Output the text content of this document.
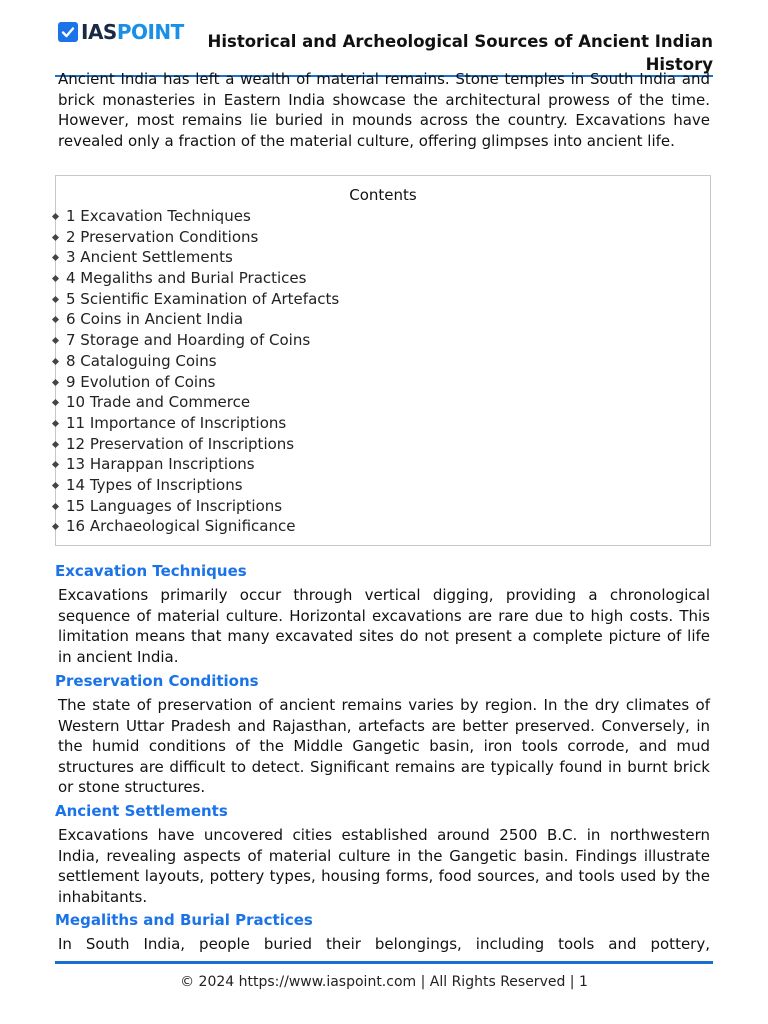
IASPOINT	Historical and Archeological Sources of Ancient Indian History

Ancient India has left a wealth of material remains. Stone temples in South India and brick monasteries in Eastern India showcase the architectural prowess of the time. However, most remains lie buried in mounds across the country. Excavations have revealed only a fraction of the material culture, offering glimpses into ancient life.

Contents
1 Excavation Techniques
2 Preservation Conditions
3 Ancient Settlements
4 Megaliths and Burial Practices
5 Scientific Examination of Artefacts
6 Coins in Ancient India
7 Storage and Hoarding of Coins
8 Cataloguing Coins
9 Evolution of Coins
10 Trade and Commerce
11 Importance of Inscriptions
12 Preservation of Inscriptions
13 Harappan Inscriptions
14 Types of Inscriptions
15 Languages of Inscriptions
16 Archaeological Significance
Excavation Techniques

Excavations primarily occur through vertical digging, providing a chronological sequence of material culture. Horizontal excavations are rare due to high costs. This limitation means that many excavated sites do not present a complete picture of life in ancient India.

Preservation Conditions

The state of preservation of ancient remains varies by region. In the dry climates of Western Uttar Pradesh and Rajasthan, artefacts are better preserved. Conversely, in the humid conditions of the Middle Gangetic basin, iron tools corrode, and mud structures are difficult to detect. Significant remains are typically found in burnt brick or stone structures.

Ancient Settlements

Excavations have uncovered cities established around 2500 B.C. in northwestern India, revealing aspects of material culture in the Gangetic basin. Findings illustrate settlement layouts, pottery types, housing forms, food sources, and tools used by the inhabitants.

Megaliths and Burial Practices

In South India, people buried their belongings, including tools and pottery,

© 2024 https://www.iaspoint.com | All Rights Reserved | 1
